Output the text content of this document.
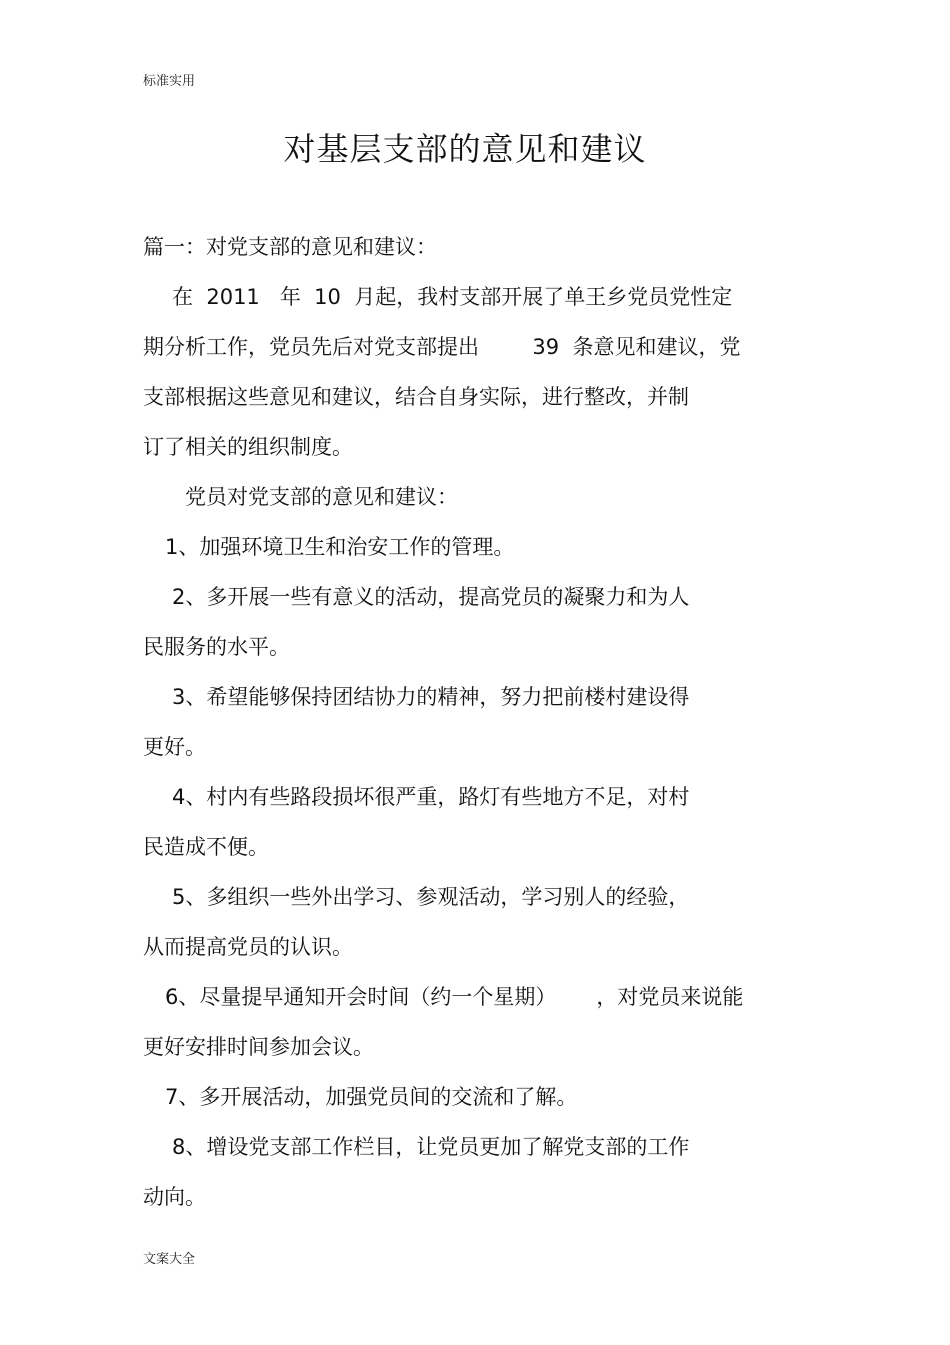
标准实用
对基层支部的意见和建议
篇一：对党支部的意见和建议：
在  2011   年  10  月起，我村支部开展了单王乡党员党性定
期分析工作，党员先后对党支部提出        39  条意见和建议，党
支部根据这些意见和建议，结合自身实际，进行整改，并制
订了相关的组织制度。
党员对党支部的意见和建议：
1、加强环境卫生和治安工作的管理。
2、多开展一些有意义的活动，提高党员的凝聚力和为人
民服务的水平。
3、希望能够保持团结协力的精神，努力把前楼村建设得
更好。
4、村内有些路段损坏很严重，路灯有些地方不足，对村
民造成不便。
5、多组织一些外出学习、参观活动，学习别人的经验，
从而提高党员的认识。
6、尽量提早通知开会时间（约一个星期）      ，对党员来说能
更好安排时间参加会议。
7、多开展活动，加强党员间的交流和了解。
8、增设党支部工作栏目，让党员更加了解党支部的工作
动向。
文案大全
